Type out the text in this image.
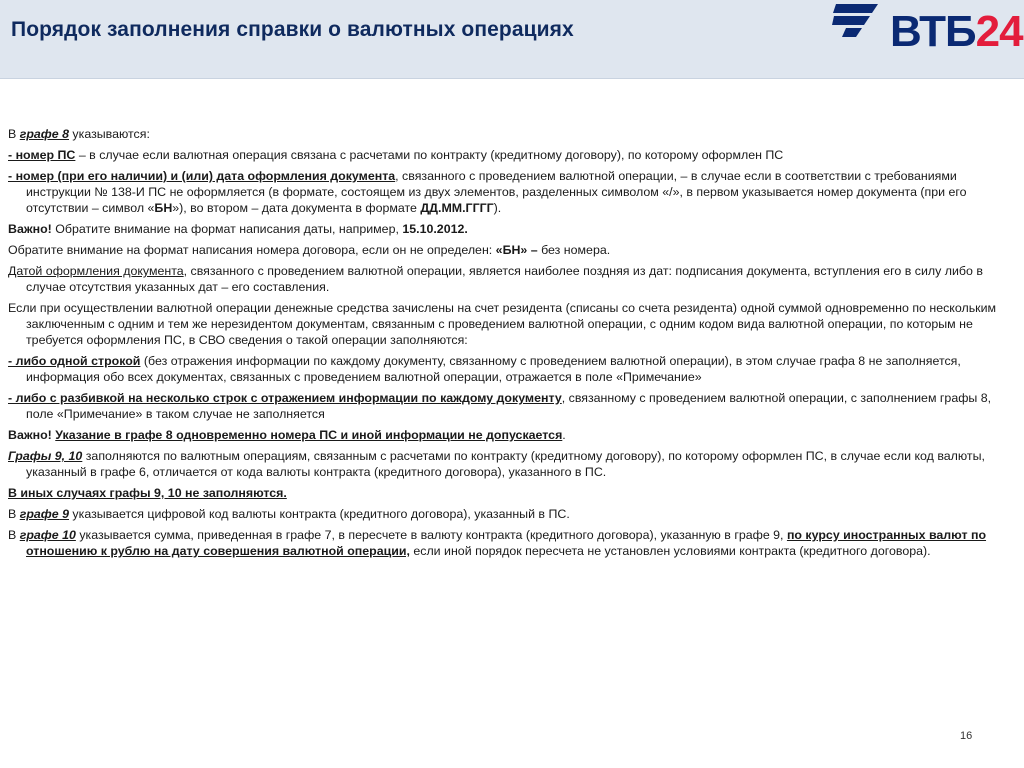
Порядок заполнения справки о валютных операциях	ВТБ24

В графе 8 указываются:

- номер ПС – в случае если валютная операция связана с расчетами по контракту (кредитному договору), по которому оформлен ПС

- номер (при его наличии) и (или) дата оформления документа, связанного с проведением валютной операции, – в случае если в соответствии с требованиями инструкции № 138-И ПС не оформляется (в формате, состоящем из двух элементов, разделенных символом «/», в первом указывается номер документа (при его отсутствии – символ «БН»), во втором – дата документа в формате ДД.ММ.ГГГГ).

Важно! Обратите внимание на формат написания даты, например, 15.10.2012.

Обратите внимание на формат написания номера договора, если он не определен: «БН» – без номера.

Датой оформления документа, связанного с проведением валютной операции, является наиболее поздняя из дат: подписания документа, вступления его в силу либо в случае отсутствия указанных дат – его составления.

Если при осуществлении валютной операции денежные средства зачислены на счет резидента (списаны со счета резидента) одной суммой одновременно по нескольким заключенным с одним и тем же нерезидентом документам, связанным с проведением валютной операции, с одним кодом вида валютной операции, по которым не требуется оформления ПС, в СВО сведения о такой операции заполняются:

- либо одной строкой (без отражения информации по каждому документу, связанному с проведением валютной операции), в этом случае графа 8 не заполняется, информация обо всех документах, связанных с проведением валютной операции, отражается в поле «Примечание»

- либо с разбивкой на несколько строк с отражением информации по каждому документу, связанному с проведением валютной операции, с заполнением графы 8, поле «Примечание» в таком случае не заполняется

Важно! Указание в графе 8 одновременно номера ПС и иной информации не допускается.

Графы 9, 10 заполняются по валютным операциям, связанным с расчетами по контракту (кредитному договору), по которому оформлен ПС, в случае если код валюты, указанный в графе 6, отличается от кода валюты контракта (кредитного договора), указанного в ПС.

В иных случаях графы 9, 10 не заполняются.

В графе 9 указывается цифровой код валюты контракта (кредитного договора), указанный в ПС.

В графе 10 указывается сумма, приведенная в графе 7, в пересчете в валюту контракта (кредитного договора), указанную в графе 9, по курсу иностранных валют по отношению к рублю на дату совершения валютной операции, если иной порядок пересчета не установлен условиями контракта (кредитного договора).

16
